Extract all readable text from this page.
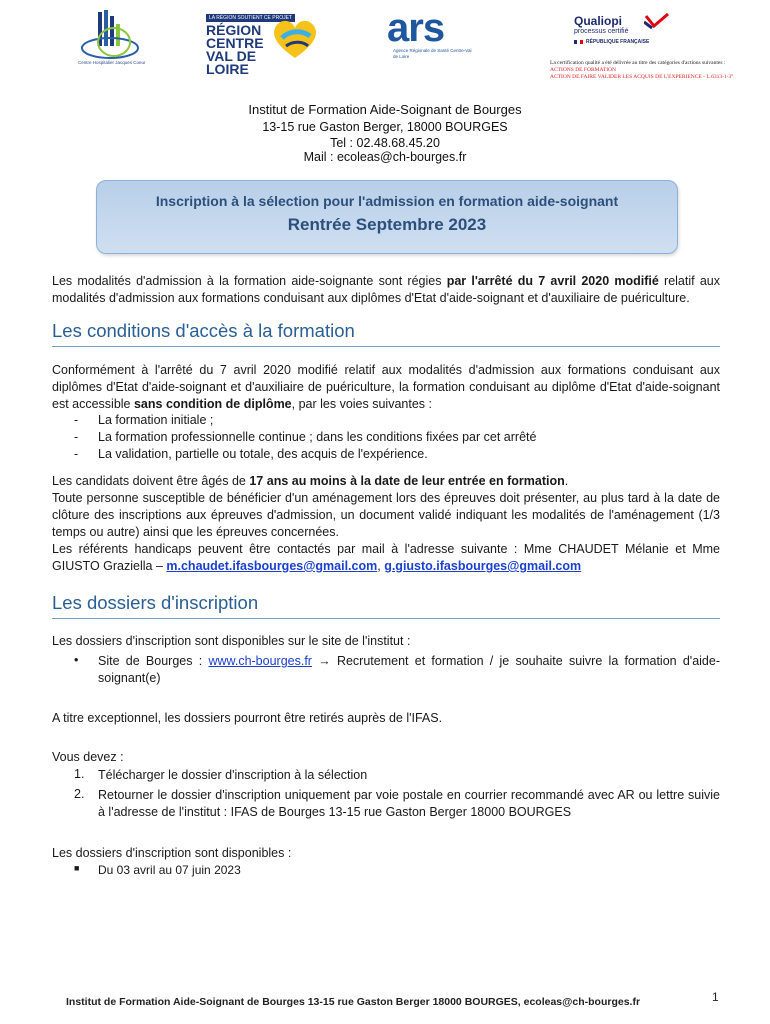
Centre Hospitalier Jacques Coeur
LA RÉGION SOUTIENT CE PROJET
RÉGION CENTRE VAL DE LOIRE
ars
Agence Régionale de Santé Centre-Val de Loire
Qualiopi
processus certifié
RÉPUBLIQUE FRANÇAISE
La certification qualité a été délivrée au titre des catégories d'actions suivantes :
ACTIONS DE FORMATION
ACTION DE FAIRE VALIDER LES ACQUIS DE L'EXPERIENCE - L.6313-1-3°
Institut de Formation Aide-Soignant de Bourges
13-15 rue Gaston Berger, 18000 BOURGES
Tel : 02.48.68.45.20
Mail : ecoleas@ch-bourges.fr
Inscription à la sélection pour l'admission en formation aide-soignant
Rentrée Septembre 2023
Les modalités d'admission à la formation aide-soignante sont régies par l'arrêté du 7 avril 2020 modifié relatif aux modalités d'admission aux formations conduisant aux diplômes d'Etat d'aide-soignant et d'auxiliaire de puériculture.
Les conditions d'accès à la formation
Conformément à l'arrêté du 7 avril 2020 modifié relatif aux modalités d'admission aux formations conduisant aux diplômes d'Etat d'aide-soignant et d'auxiliaire de puériculture, la formation conduisant au diplôme d'Etat d'aide-soignant est accessible sans condition de diplôme, par les voies suivantes :
- La formation initiale ;
- La formation professionnelle continue ; dans les conditions fixées par cet arrêté
- La validation, partielle ou totale, des acquis de l'expérience.
Les candidats doivent être âgés de 17 ans au moins à la date de leur entrée en formation.
Toute personne susceptible de bénéficier d'un aménagement lors des épreuves doit présenter, au plus tard à la date de clôture des inscriptions aux épreuves d'admission, un document validé indiquant les modalités de l'aménagement (1/3 temps ou autre) ainsi que les épreuves concernées.
Les référents handicaps peuvent être contactés par mail à l'adresse suivante : Mme CHAUDET Mélanie et Mme GIUSTO Graziella – m.chaudet.ifasbourges@gmail.com, g.giusto.ifasbourges@gmail.com
Les dossiers d'inscription
Les dossiers d'inscription sont disponibles sur le site de l'institut :
• Site de Bourges : www.ch-bourges.fr → Recrutement et formation / je souhaite suivre la formation d'aide-soignant(e)
A titre exceptionnel, les dossiers pourront être retirés auprès de l'IFAS.
Vous devez :
1. Télécharger le dossier d'inscription à la sélection
2. Retourner le dossier d'inscription uniquement par voie postale en courrier recommandé avec AR ou lettre suivie à l'adresse de l'institut : IFAS de Bourges 13-15 rue Gaston Berger 18000 BOURGES
Les dossiers d'inscription sont disponibles :
■ Du 03 avril au 07 juin 2023
Institut de Formation Aide-Soignant de Bourges 13-15 rue Gaston Berger 18000 BOURGES, ecoleas@ch-bourges.fr	1
